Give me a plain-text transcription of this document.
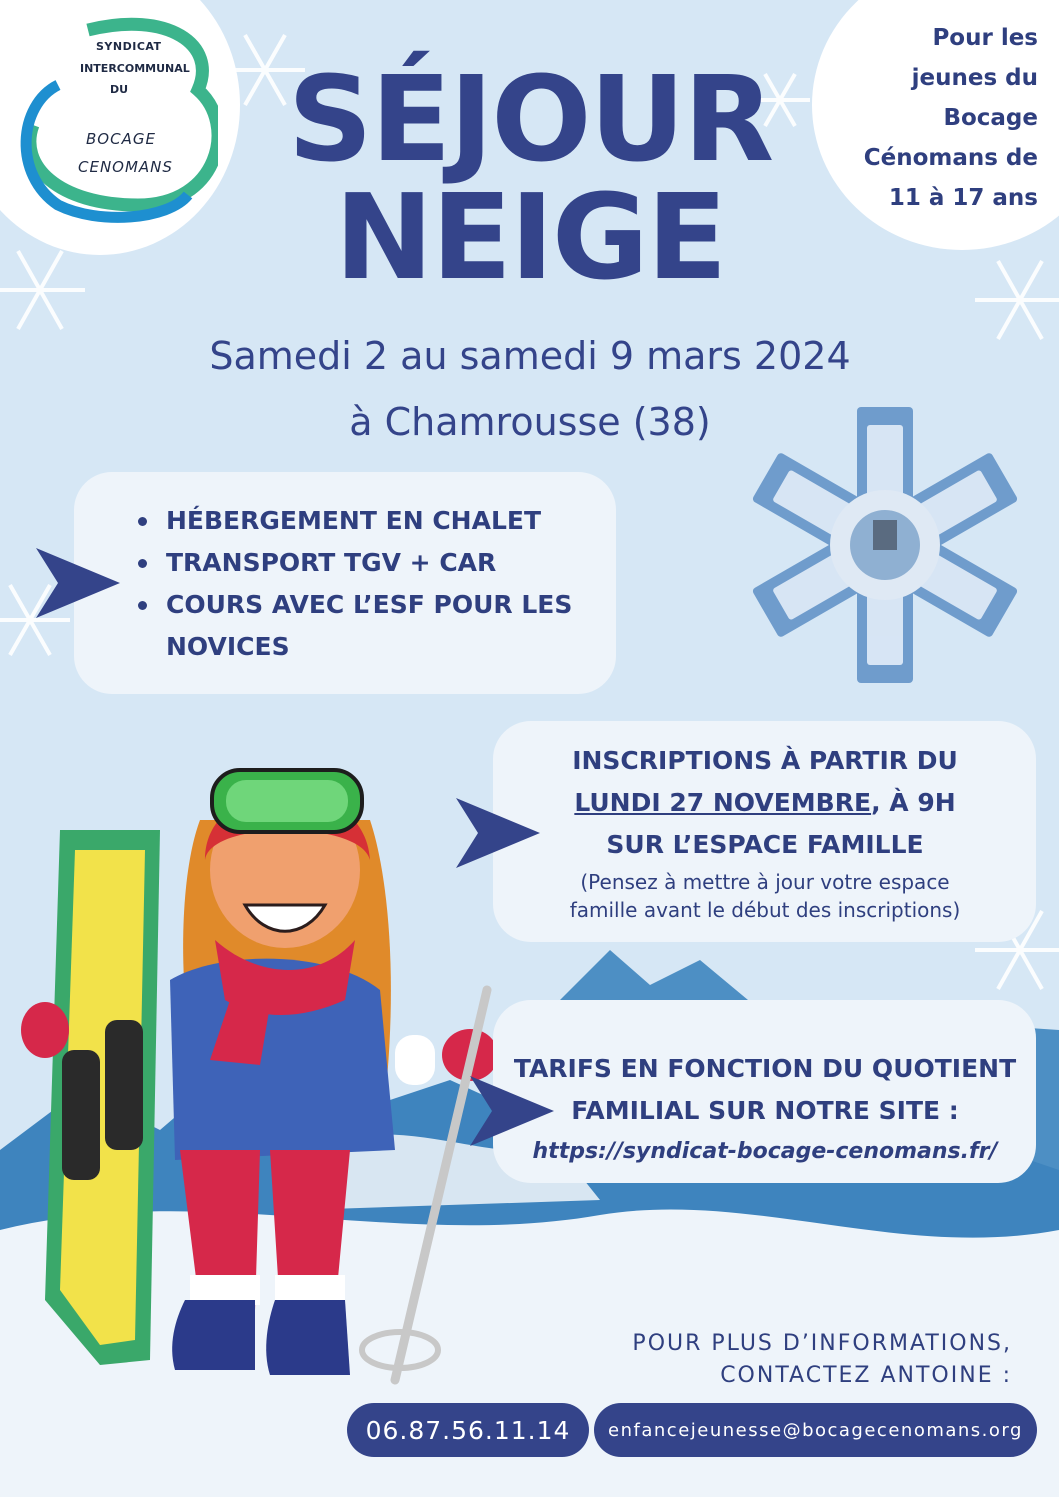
SYNDICAT
INTERCOMMUNAL
DU
BOCAGE
CENOMANS
Pour les
jeunes du
Bocage
Cénomans de
11 à 17 ans
SÉJOUR
NEIGE
Samedi 2 au samedi 9 mars 2024
à Chamrousse (38)
HÉBERGEMENT EN CHALET
TRANSPORT TGV + CAR
COURS AVEC L’ESF POUR LES NOVICES
INSCRIPTIONS À PARTIR DU
LUNDI 27 NOVEMBRE, À 9H
SUR L’ESPACE FAMILLE
(Pensez à mettre à jour votre espace
famille avant le début des inscriptions)
TARIFS EN FONCTION DU QUOTIENT
FAMILIAL SUR NOTRE SITE :
https://syndicat-bocage-cenomans.fr/
POUR PLUS D’INFORMATIONS,
CONTACTEZ ANTOINE :
06.87.56.11.14	enfancejeunesse@bocagecenomans.org
